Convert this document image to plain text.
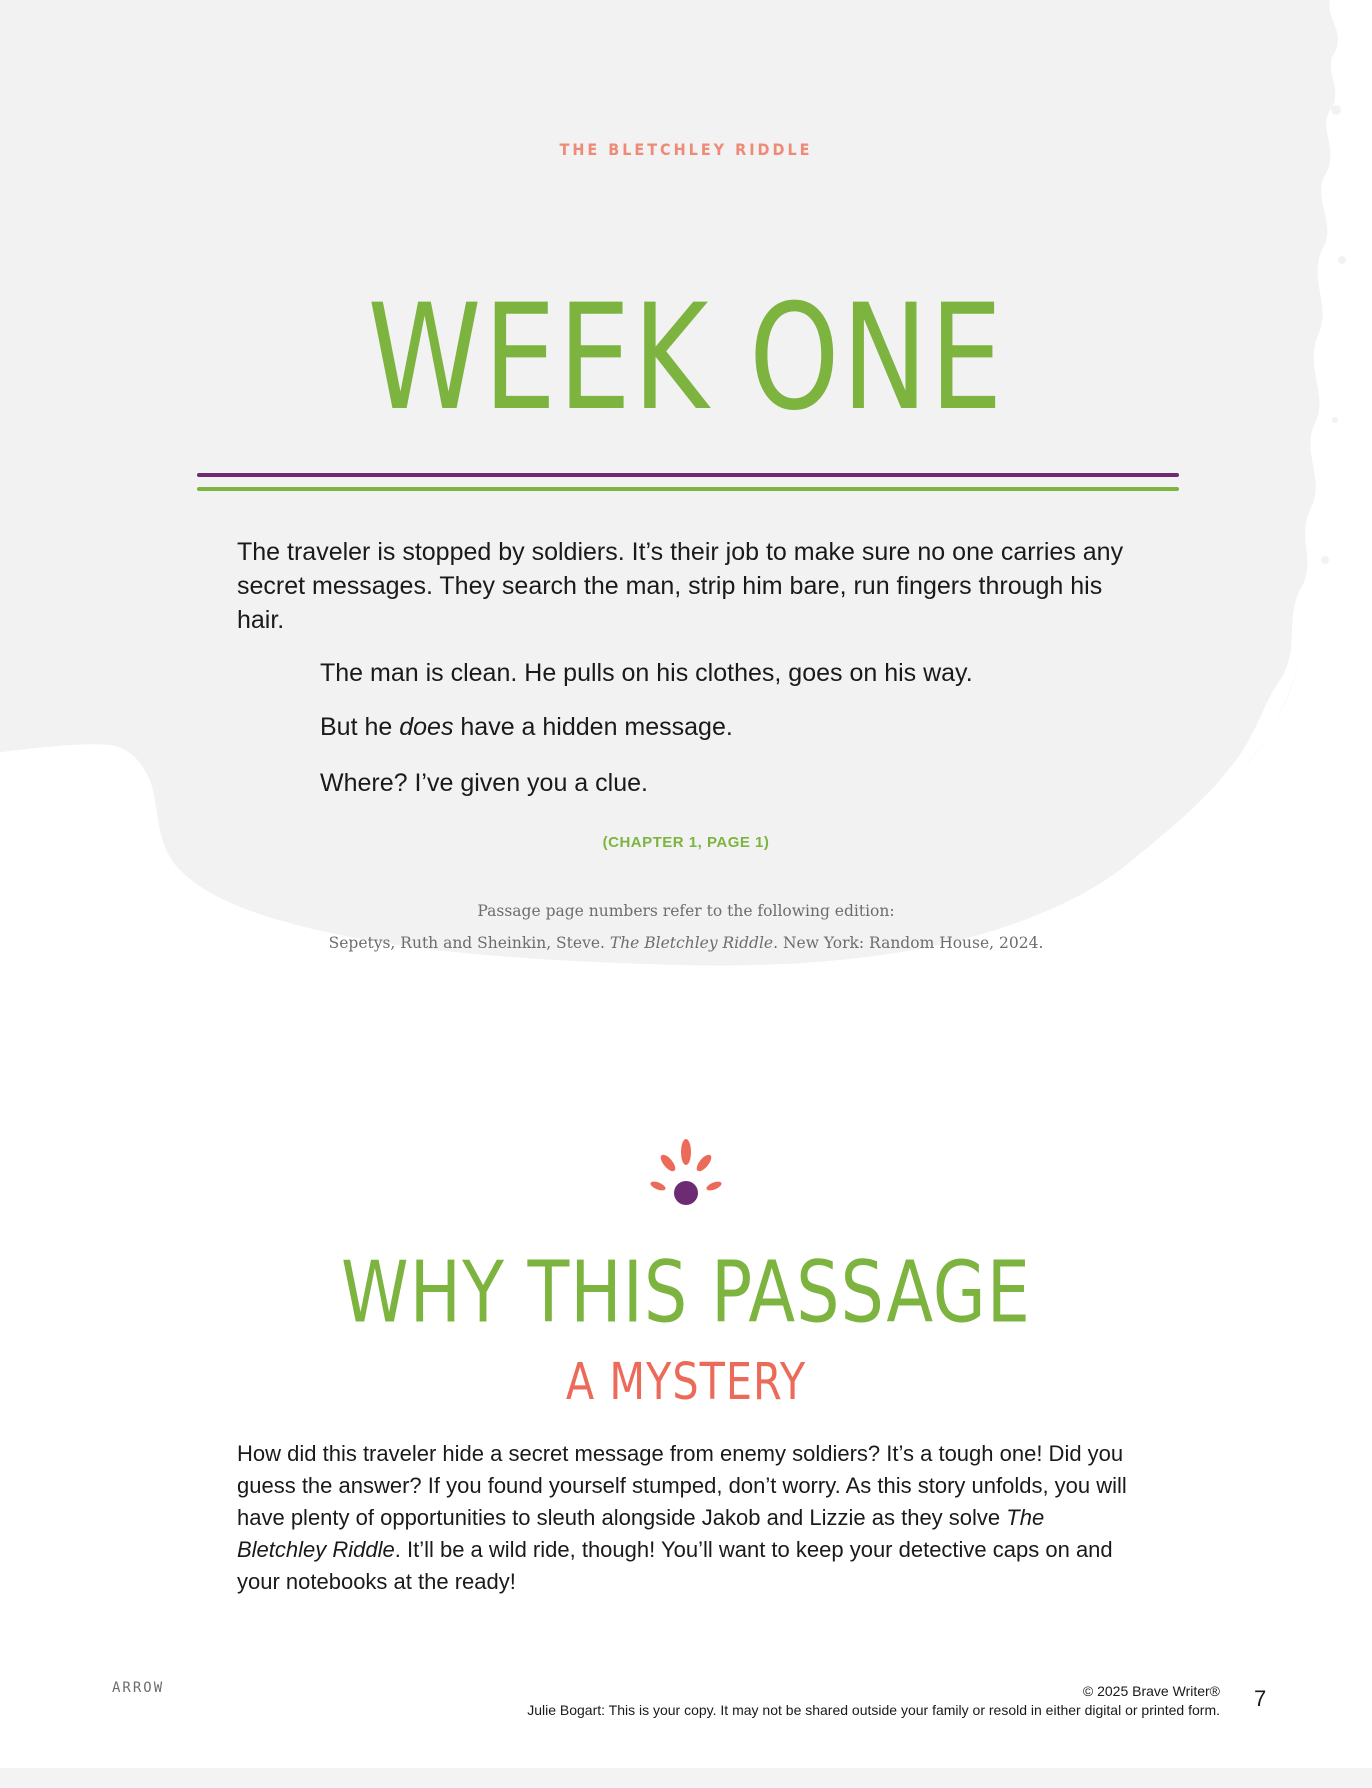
THE BLETCHLEY RIDDLE
WEEK ONE
The traveler is stopped by soldiers. It’s their job to make sure no one carries any secret messages. They search the man, strip him bare, run fingers through his hair.
The man is clean. He pulls on his clothes, goes on his way.
But he does have a hidden message.
Where? I’ve given you a clue.
(CHAPTER 1, PAGE 1)
Passage page numbers refer to the following edition:
Sepetys, Ruth and Sheinkin, Steve. The Bletchley Riddle. New York: Random House, 2024.
WHY THIS PASSAGE
A MYSTERY
How did this traveler hide a secret message from enemy soldiers? It’s a tough one! Did you guess the answer? If you found yourself stumped, don’t worry. As this story unfolds, you will have plenty of opportunities to sleuth alongside Jakob and Lizzie as they solve The Bletchley Riddle. It’ll be a wild ride, though! You’ll want to keep your detective caps on and your notebooks at the ready!
ARROW	© 2025 Brave Writer®
Julie Bogart: This is your copy. It may not be shared outside your family or resold in either digital or printed form. 7
